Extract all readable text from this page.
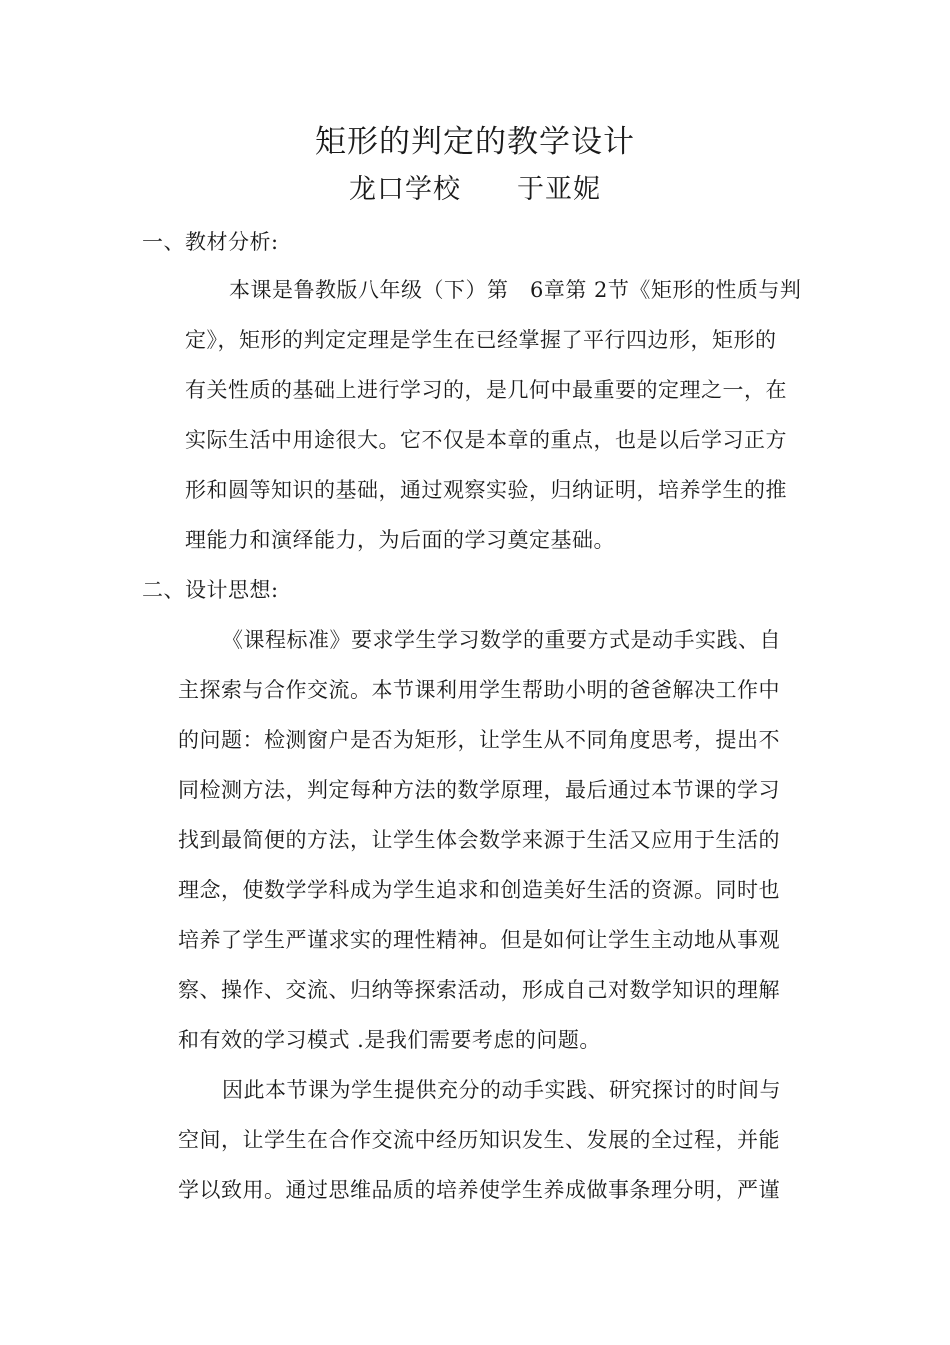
矩形的判定的教学设计
龙口学校　　于亚妮
一、教材分析:
本课是鲁教版八年级（下）第　6章第 2节《矩形的性质与判
定》，矩形的判定定理是学生在已经掌握了平行四边形，矩形的
有关性质的基础上进行学习的，是几何中最重要的定理之一，在
实际生活中用途很大。它不仅是本章的重点，也是以后学习正方
形和圆等知识的基础，通过观察实验，归纳证明，培养学生的推
理能力和演绎能力，为后面的学习奠定基础。
二、设计思想:
《课程标准》要求学生学习数学的重要方式是动手实践、自
主探索与合作交流。本节课利用学生帮助小明的爸爸解决工作中
的问题：检测窗户是否为矩形，让学生从不同角度思考，提出不
同检测方法，判定每种方法的数学原理，最后通过本节课的学习
找到最简便的方法，让学生体会数学来源于生活又应用于生活的
理念，使数学学科成为学生追求和创造美好生活的资源。同时也
培养了学生严谨求实的理性精神。但是如何让学生主动地从事观
察、操作、交流、归纳等探索活动，形成自己对数学知识的理解
和有效的学习模式 .是我们需要考虑的问题。
因此本节课为学生提供充分的动手实践、研究探讨的时间与
空间，让学生在合作交流中经历知识发生、发展的全过程，并能
学以致用。通过思维品质的培养使学生养成做事条理分明，严谨
